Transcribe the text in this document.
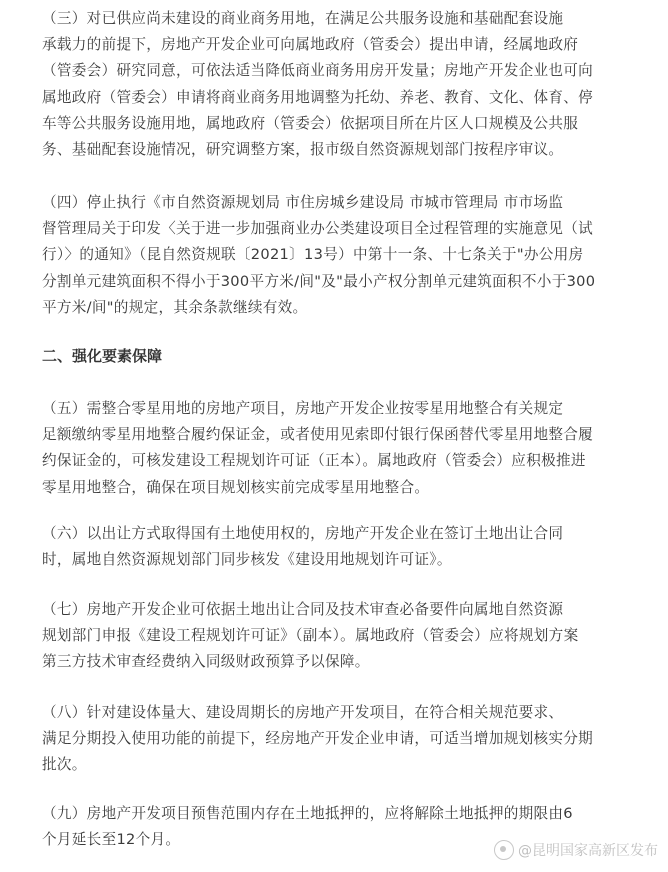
（三）对已供应尚未建设的商业商务用地，在满足公共服务设施和基础配套设施
承载力的前提下，房地产开发企业可向属地政府（管委会）提出申请，经属地政府
（管委会）研究同意，可依法适当降低商业商务用房开发量；房地产开发企业也可向
属地政府（管委会）申请将商业商务用地调整为托幼、养老、教育、文化、体育、停
车等公共服务设施用地，属地政府（管委会）依据项目所在片区人口规模及公共服
务、基础配套设施情况，研究调整方案，报市级自然资源规划部门按程序审议。
（四）停止执行《市自然资源规划局 市住房城乡建设局 市城市管理局 市市场监
督管理局关于印发〈关于进一步加强商业办公类建设项目全过程管理的实施意见（试
行）〉的通知》（昆自然资规联〔2021〕13号）中第十一条、十七条关于"办公用房
分割单元建筑面积不得小于300平方米/间"及"最小产权分割单元建筑面积不小于300
平方米/间"的规定，其余条款继续有效。
二、强化要素保障
（五）需整合零星用地的房地产项目，房地产开发企业按零星用地整合有关规定
足额缴纳零星用地整合履约保证金，或者使用见索即付银行保函替代零星用地整合履
约保证金的，可核发建设工程规划许可证（正本）。属地政府（管委会）应积极推进
零星用地整合，确保在项目规划核实前完成零星用地整合。
（六）以出让方式取得国有土地使用权的，房地产开发企业在签订土地出让合同
时，属地自然资源规划部门同步核发《建设用地规划许可证》。
（七）房地产开发企业可依据土地出让合同及技术审查必备要件向属地自然资源
规划部门申报《建设工程规划许可证》（副本）。属地政府（管委会）应将规划方案
第三方技术审查经费纳入同级财政预算予以保障。
（八）针对建设体量大、建设周期长的房地产开发项目，在符合相关规范要求、
满足分期投入使用功能的前提下，经房地产开发企业申请，可适当增加规划核实分期
批次。
（九）房地产开发项目预售范围内存在土地抵押的，应将解除土地抵押的期限由6
个月延长至12个月。
@昆明国家高新区发布
